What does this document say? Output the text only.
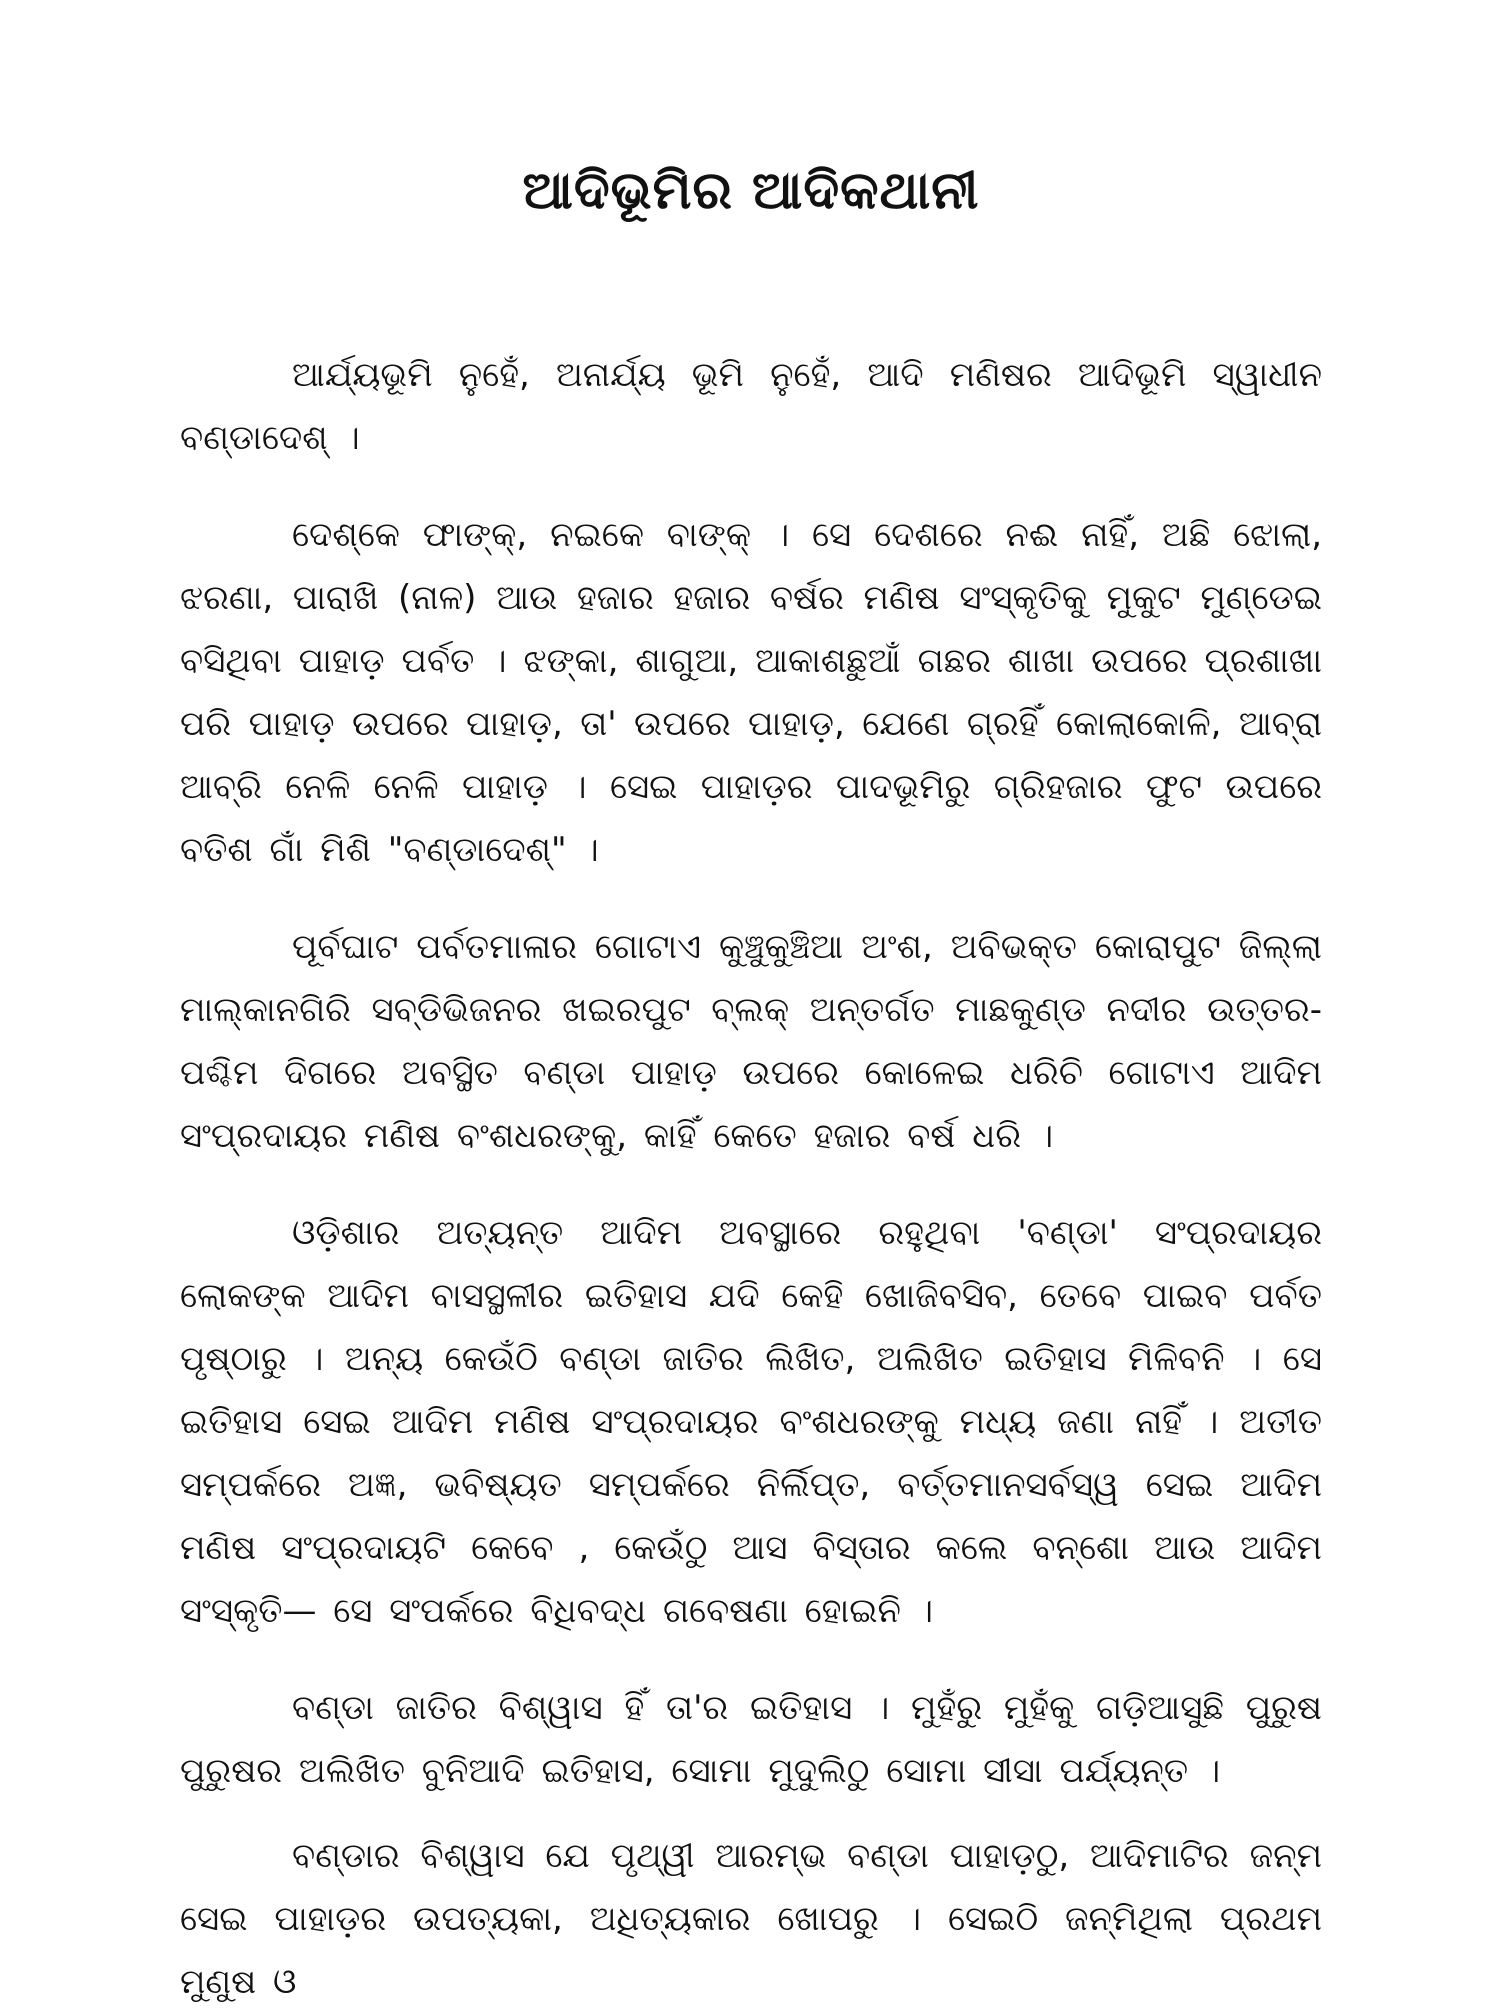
ଆଦିଭୂମିର ଆଦିକଥାନୀ

ଆର୍ଯ୍ୟଭୂମି ନୁହେଁ, ଅନାର୍ଯ୍ୟ ଭୂମି ନୁହେଁ, ଆଦି ମଣିଷର ଆଦିଭୂମି ସ୍ୱାଧୀନ ବଣ୍ଡାଦେଶ୍ ।

ଦେଶ୍‌କେ ଫାଙ୍କ୍, ନଇକେ ବାଙ୍କ୍ । ସେ ଦେଶରେ ନଈ ନାହିଁ, ଅଛି ଝୋଲା, ଝରଣା, ପାରାଖି (ନାଳ) ଆଉ ହଜାର ହଜାର ବର୍ଷର ମଣିଷ ସଂସ୍କୃତିକୁ ମୁକୁଟ ମୁଣ୍ଡେଇ ବସିଥିବା ପାହାଡ଼ ପର୍ବତ । ଝଙ୍କା, ଶାଗୁଆ, ଆକାଶଛୁଆଁ ଗଛର ଶାଖା ଉପରେ ପ୍ରଶାଖା ପରି ପାହାଡ଼ ଉପରେ ପାହାଡ଼, ତା' ଉପରେ ପାହାଡ଼, ଯେଣେ ଗ୍ରହିଁ କୋଲାକୋଳି, ଆବ୍‌ରା ଆବ୍‌ରି ନେଳି ନେଳି ପାହାଡ଼ । ସେଇ ପାହାଡ଼ର ପାଦଭୂମିରୁ ଗ୍ରିହଜାର ଫୁଟ ଉପରେ ବତିଶ ଗାଁ ମିଶି "ବଣ୍ଡାଦେଶ୍" ।

ପୂର୍ବଘାଟ ପର୍ବତମାଳାର ଗୋଟାଏ କୁଞ୍ଚୁକୁଞ୍ଚିଆ ଅଂଶ, ଅବିଭକ୍ତ କୋରାପୁଟ ଜିଲ୍ଲା ମାଲ୍‌କାନଗିରି ସବ୍‌ଡିଭିଜନର ଖଇରପୁଟ ବ୍ଲକ୍ ଅନ୍ତର୍ଗତ ମାଛକୁଣ୍ଡ ନଦୀର ଉତ୍ତର-ପଶ୍ଚିମ ଦିଗରେ ଅବସ୍ଥିତ ବଣ୍ଡା ପାହାଡ଼ ଉପରେ କୋଳେଇ ଧରିଚି ଗୋଟାଏ ଆଦିମ ସଂପ୍ରଦାୟର ମଣିଷ ବଂଶଧରଙ୍କୁ, କାହିଁ କେତେ ହଜାର ବର୍ଷ ଧରି ।

ଓଡ଼ିଶାର ଅତ୍ୟନ୍ତ ଆଦିମ ଅବସ୍ଥାରେ ରହୁଥିବା 'ବଣ୍ଡା' ସଂପ୍ରଦାୟର ଲୋକଙ୍କ ଆଦିମ ବାସସ୍ଥଳୀର ଇତିହାସ ଯଦି କେହି ଖୋଜିବସିବ, ତେବେ ପାଇବ ପର୍ବତ ପୃଷ୍ଠାରୁ । ଅନ୍ୟ କେଉଁଠି ବଣ୍ଡା ଜାତିର ଲିଖିତ, ଅଲିଖିତ ଇତିହାସ ମିଳିବନି । ସେ ଇତିହାସ ସେଇ ଆଦିମ ମଣିଷ ସଂପ୍ରଦାୟର ବଂଶଧରଙ୍କୁ ମଧ୍ୟ ଜଣା ନାହିଁ । ଅତୀତ ସମ୍ପର୍କରେ ଅଜ୍ଞ, ଭବିଷ୍ୟତ ସମ୍ପର୍କରେ ନିର୍ଲିପ୍ତ, ବର୍ତ୍ତମାନସର୍ବସ୍ୱ ସେଇ ଆଦିମ ମଣିଷ ସଂପ୍ରଦାୟଟି କେବେ , କେଉଁଠୁ ଆସ ବିସ୍ତାର କଲେ ବନ୍‌ଶୋ ଆଉ ଆଦିମ ସଂସ୍କୃତି— ସେ ସଂପର୍କରେ ବିଧିବଦ୍ଧ ଗବେଷଣା ହୋଇନି ।

ବଣ୍ଡା ଜାତିର ବିଶ୍ୱାସ ହିଁ ତା'ର ଇତିହାସ । ମୁହଁରୁ ମୁହଁକୁ ଗଡ଼ିଆସୁଛି ପୁରୁଷ ପୁରୁଷର ଅଲିଖିତ ବୁନିଆଦି ଇତିହାସ, ସୋମା ମୁଦୁଲିଠୁ ସୋମା ସୀସା ପର୍ଯ୍ୟନ୍ତ ।

ବଣ୍ଡାର ବିଶ୍ୱାସ ଯେ ପୃଥ୍ୱୀ ଆରମ୍ଭ ବଣ୍ଡା ପାହାଡ଼ଠୁ, ଆଦିମାଟିର ଜନ୍ମ ସେଇ ପାହାଡ଼ର ଉପତ୍ୟକା, ଅଧିତ୍ୟକାର ଖୋପରୁ । ସେଇଠି ଜନ୍ମିଥିଲା ପ୍ରଥମ ମୁଣୁଷ ଓ
